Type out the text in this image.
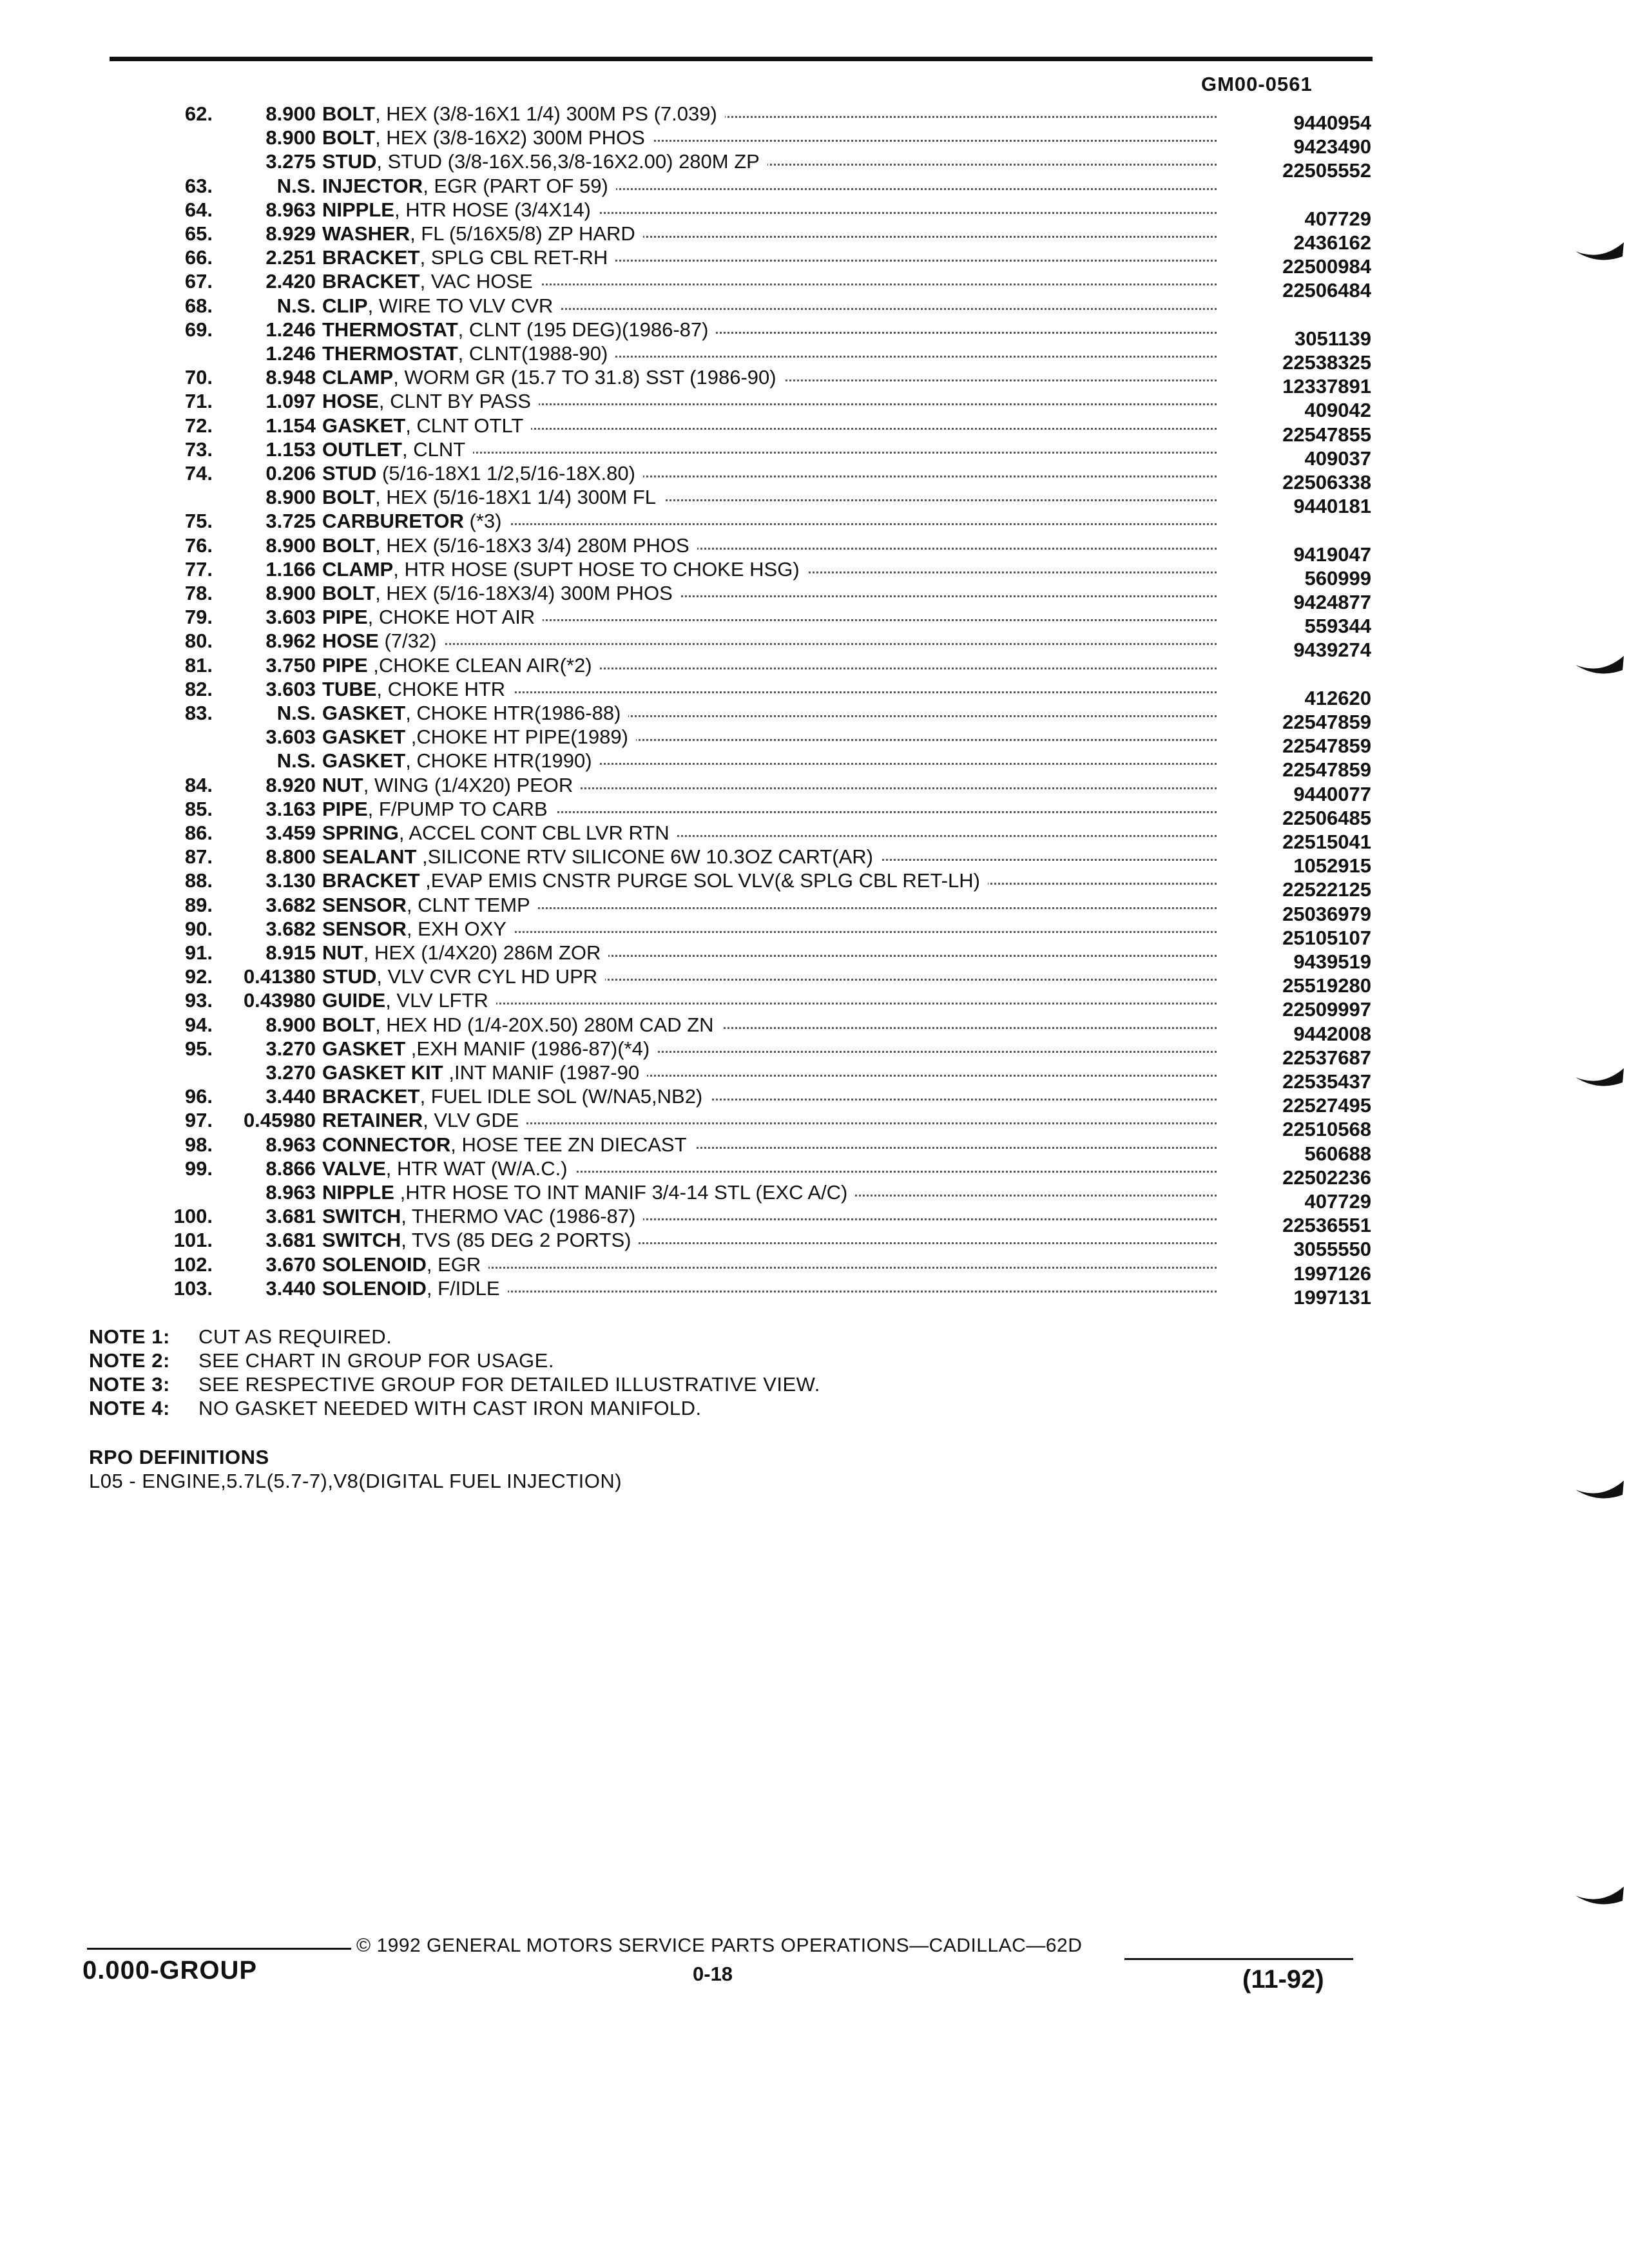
GM00-0561
62.	8.900 BOLT, HEX (3/8-16X1 1/4) 300M PS (7.039)	9440954
8.900 BOLT, HEX (3/8-16X2) 300M PHOS	9423490
3.275 STUD, STUD (3/8-16X.56,3/8-16X2.00) 280M ZP	22505552
63.	N.S. INJECTOR, EGR (PART OF 59)
64.	8.963 NIPPLE, HTR HOSE (3/4X14)	407729
65.	8.929 WASHER, FL (5/16X5/8) ZP HARD	2436162
66.	2.251 BRACKET, SPLG CBL RET-RH	22500984
67.	2.420 BRACKET, VAC HOSE	22506484
68.	N.S. CLIP, WIRE TO VLV CVR
69.	1.246 THERMOSTAT, CLNT (195 DEG)(1986-87)	3051139
1.246 THERMOSTAT, CLNT(1988-90)	22538325
70.	8.948 CLAMP, WORM GR (15.7 TO 31.8) SST (1986-90)	12337891
71.	1.097 HOSE, CLNT BY PASS	409042
72.	1.154 GASKET, CLNT OTLT	22547855
73.	1.153 OUTLET, CLNT	409037
74.	0.206 STUD (5/16-18X1 1/2,5/16-18X.80)	22506338
8.900 BOLT, HEX (5/16-18X1 1/4) 300M FL	9440181
75.	3.725 CARBURETOR (*3)
76.	8.900 BOLT, HEX (5/16-18X3 3/4) 280M PHOS	9419047
77.	1.166 CLAMP, HTR HOSE (SUPT HOSE TO CHOKE HSG)	560999
78.	8.900 BOLT, HEX (5/16-18X3/4) 300M PHOS	9424877
79.	3.603 PIPE, CHOKE HOT AIR	559344
80.	8.962 HOSE (7/32)	9439274
81.	3.750 PIPE ,CHOKE CLEAN AIR(*2)
82.	3.603 TUBE, CHOKE HTR	412620
83.	N.S. GASKET, CHOKE HTR(1986-88)	22547859
3.603 GASKET ,CHOKE HT PIPE(1989)	22547859
N.S. GASKET, CHOKE HTR(1990)	22547859
84.	8.920 NUT, WING (1/4X20) PEOR	9440077
85.	3.163 PIPE, F/PUMP TO CARB	22506485
86.	3.459 SPRING, ACCEL CONT CBL LVR RTN	22515041
87.	8.800 SEALANT ,SILICONE RTV SILICONE 6W 10.3OZ CART(AR)	1052915
88.	3.130 BRACKET ,EVAP EMIS CNSTR PURGE SOL VLV(& SPLG CBL RET-LH)	22522125
89.	3.682 SENSOR, CLNT TEMP	25036979
90.	3.682 SENSOR, EXH OXY	25105107
91.	8.915 NUT, HEX (1/4X20) 286M ZOR	9439519
92.	0.41380 STUD, VLV CVR CYL HD UPR	25519280
93.	0.43980 GUIDE, VLV LFTR	22509997
94.	8.900 BOLT, HEX HD (1/4-20X.50) 280M CAD ZN	9442008
95.	3.270 GASKET ,EXH MANIF (1986-87)(*4)	22537687
3.270 GASKET KIT ,INT MANIF (1987-90	22535437
96.	3.440 BRACKET, FUEL IDLE SOL (W/NA5,NB2)	22527495
97.	0.45980 RETAINER, VLV GDE	22510568
98.	8.963 CONNECTOR, HOSE TEE ZN DIECAST	560688
99.	8.866 VALVE, HTR WAT (W/A.C.)	22502236
8.963 NIPPLE ,HTR HOSE TO INT MANIF 3/4-14 STL (EXC A/C)	407729
100.	3.681 SWITCH, THERMO VAC (1986-87)	22536551
101.	3.681 SWITCH, TVS (85 DEG 2 PORTS)	3055550
102.	3.670 SOLENOID, EGR	1997126
103.	3.440 SOLENOID, F/IDLE	1997131
NOTE 1: CUT AS REQUIRED.
NOTE 2: SEE CHART IN GROUP FOR USAGE.
NOTE 3: SEE RESPECTIVE GROUP FOR DETAILED ILLUSTRATIVE VIEW.
NOTE 4: NO GASKET NEEDED WITH CAST IRON MANIFOLD.
RPO DEFINITIONS
L05 - ENGINE,5.7L(5.7-7),V8(DIGITAL FUEL INJECTION)
© 1992 GENERAL MOTORS SERVICE PARTS OPERATIONS—CADILLAC—62D
0.000-GROUP	0-18	(11-92)
